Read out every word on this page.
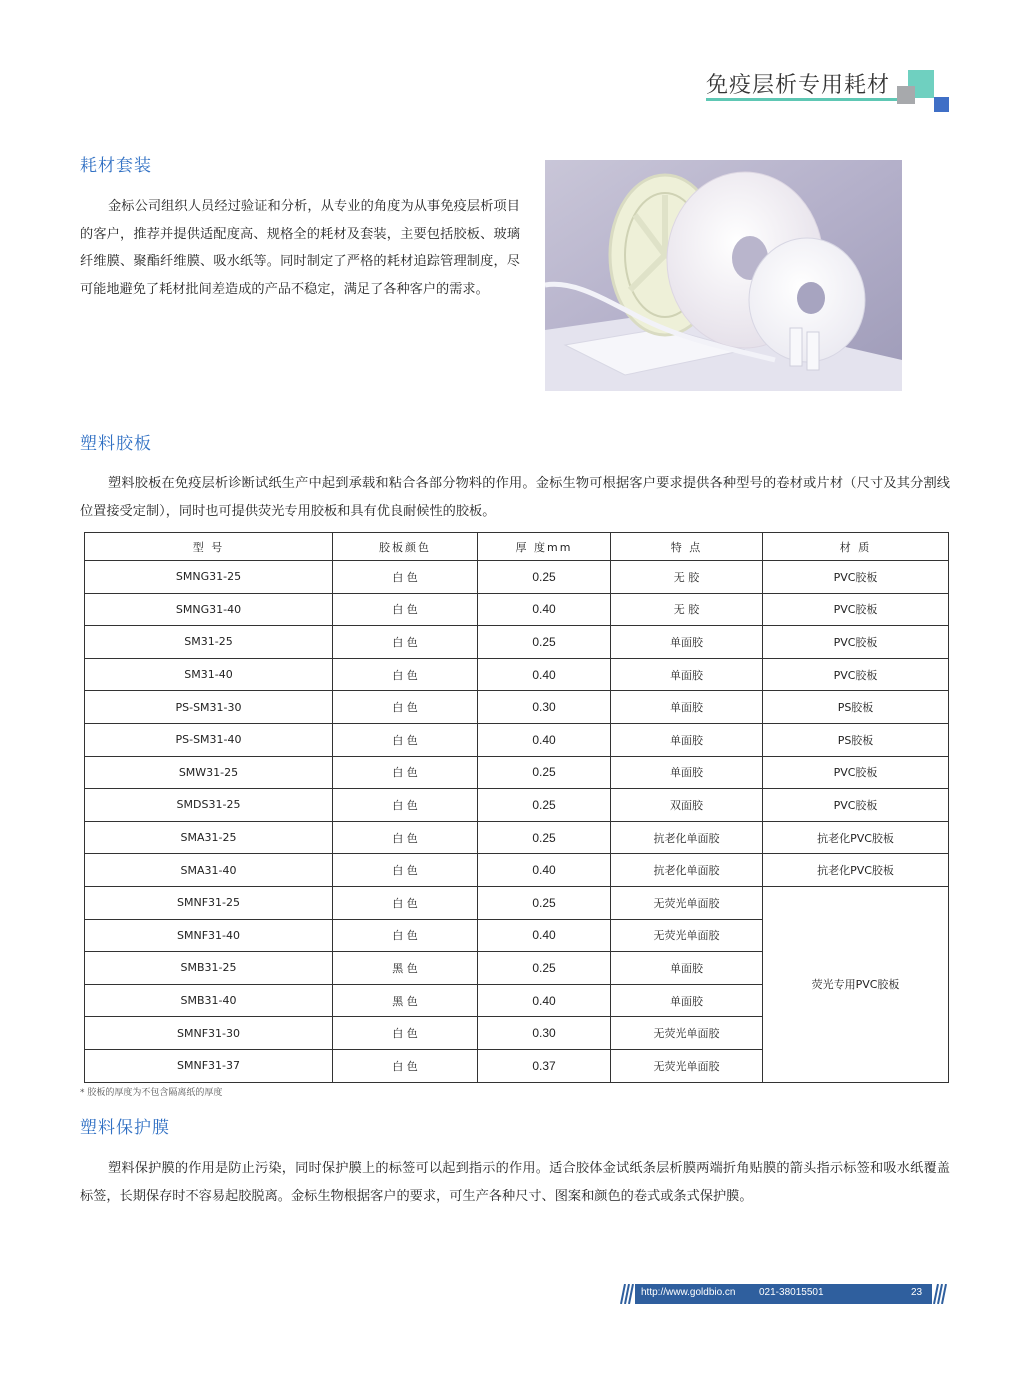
免疫层析专用耗材
耗材套装

金标公司组织人员经过验证和分析，从专业的角度为从事免疫层析项目的客户，推荐并提供适配度高、规格全的耗材及套装，主要包括胶板、玻璃纤维膜、聚酯纤维膜、吸水纸等。同时制定了严格的耗材追踪管理制度，尽可能地避免了耗材批间差造成的产品不稳定，满足了各种客户的需求。

塑料胶板

塑料胶板在免疫层析诊断试纸生产中起到承载和粘合各部分物料的作用。金标生物可根据客户要求提供各种型号的卷材或片材（尺寸及其分割线位置接受定制），同时也可提供荧光专用胶板和具有优良耐候性的胶板。

型 号	胶板颜色	厚 度mm	特 点	材 质
SMNG31-25	白 色	0.25	无 胶	PVC胶板
SMNG31-40	白 色	0.40	无 胶	PVC胶板
SM31-25	白 色	0.25	单面胶	PVC胶板
SM31-40	白 色	0.40	单面胶	PVC胶板
PS-SM31-30	白 色	0.30	单面胶	PS胶板
PS-SM31-40	白 色	0.40	单面胶	PS胶板
SMW31-25	白 色	0.25	单面胶	PVC胶板
SMDS31-25	白 色	0.25	双面胶	PVC胶板
SMA31-25	白 色	0.25	抗老化单面胶	抗老化PVC胶板
SMA31-40	白 色	0.40	抗老化单面胶	抗老化PVC胶板
SMNF31-25	白 色	0.25	无荧光单面胶	荧光专用PVC胶板
SMNF31-40	白 色	0.40	无荧光单面胶	
SMB31-25	黑 色	0.25	单面胶	
SMB31-40	黑 色	0.40	单面胶	
SMNF31-30	白 色	0.30	无荧光单面胶	
SMNF31-37	白 色	0.37	无荧光单面胶	
* 胶板的厚度为不包含隔离纸的厚度
塑料保护膜

塑料保护膜的作用是防止污染，同时保护膜上的标签可以起到指示的作用。适合胶体金试纸条层析膜两端折角贴膜的箭头指示标签和吸水纸覆盖标签，长期保存时不容易起胶脱离。金标生物根据客户的要求，可生产各种尺寸、图案和颜色的卷式或条式保护膜。

http://www.goldbio.cn 021-38015501	23
